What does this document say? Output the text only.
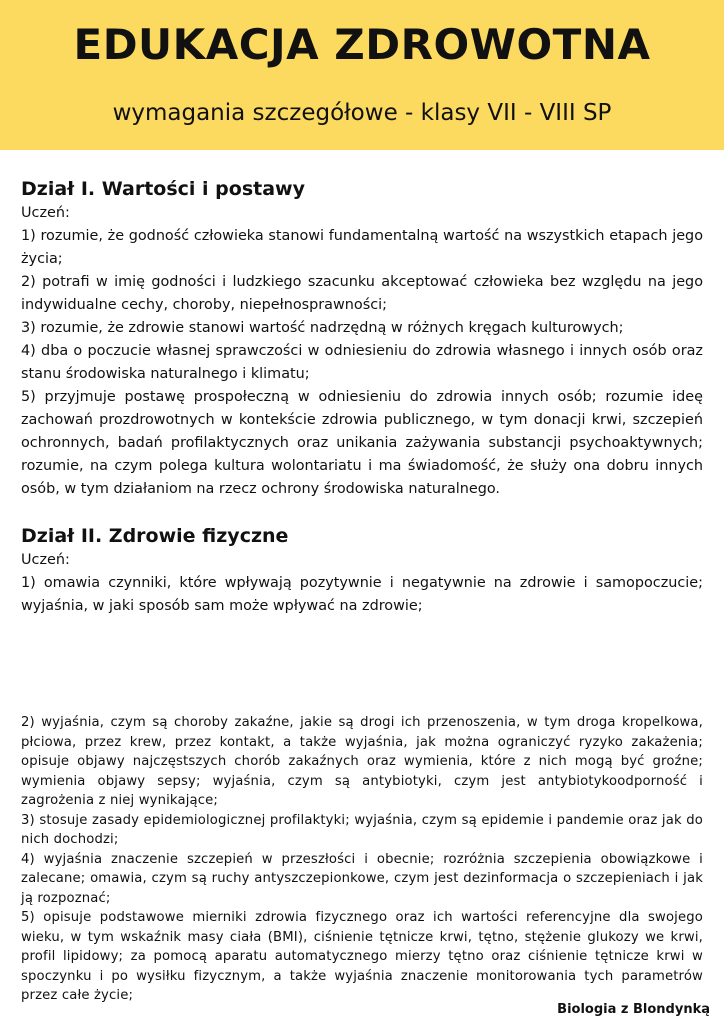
EDUKACJA ZDROWOTNA
wymagania szczegółowe - klasy VII - VIII SP
Dział I. Wartości i postawy

Uczeń:

1) rozumie, że godność człowieka stanowi fundamentalną wartość na wszystkich etapach jego życia;

2) potrafi w imię godności i ludzkiego szacunku akceptować człowieka bez względu na jego indywidualne cechy, choroby, niepełnosprawności;

3) rozumie, że zdrowie stanowi wartość nadrzędną w różnych kręgach kulturowych;

4) dba o poczucie własnej sprawczości w odniesieniu do zdrowia własnego i innych osób oraz stanu środowiska naturalnego i klimatu;

5) przyjmuje postawę prospołeczną w odniesieniu do zdrowia innych osób; rozumie ideę zachowań prozdrowotnych w kontekście zdrowia publicznego, w tym donacji krwi, szczepień ochronnych, badań profilaktycznych oraz unikania zażywania substancji psychoaktywnych; rozumie, na czym polega kultura wolontariatu i ma świadomość, że służy ona dobru innych osób, w tym działaniom na rzecz ochrony środowiska naturalnego.

Dział II. Zdrowie fizyczne

Uczeń:

1) omawia czynniki, które wpływają pozytywnie i negatywnie na zdrowie i samopoczucie; wyjaśnia, w jaki sposób sam może wpływać na zdrowie;

2) wyjaśnia, czym są choroby zakaźne, jakie są drogi ich przenoszenia, w tym droga kropelkowa, płciowa, przez krew, przez kontakt, a także wyjaśnia, jak można ograniczyć ryzyko zakażenia; opisuje objawy najczęstszych chorób zakaźnych oraz wymienia, które z nich mogą być groźne; wymienia objawy sepsy; wyjaśnia, czym są antybiotyki, czym jest antybiotykoodporność i zagrożenia z niej wynikające;

3) stosuje zasady epidemiologicznej profilaktyki; wyjaśnia, czym są epidemie i pandemie oraz jak do nich dochodzi;

4) wyjaśnia znaczenie szczepień w przeszłości i obecnie; rozróżnia szczepienia obowiązkowe i zalecane; omawia, czym są ruchy antyszczepionkowe, czym jest dezinformacja o szczepieniach i jak ją rozpoznać;

5) opisuje podstawowe mierniki zdrowia fizycznego oraz ich wartości referencyjne dla swojego wieku, w tym wskaźnik masy ciała (BMI), ciśnienie tętnicze krwi, tętno, stężenie glukozy we krwi, profil lipidowy; za pomocą aparatu automatycznego mierzy tętno oraz ciśnienie tętnicze krwi w spoczynku i po wysiłku fizycznym, a także wyjaśnia znaczenie monitorowania tych parametrów przez całe życie;

Biologia z Blondynką
